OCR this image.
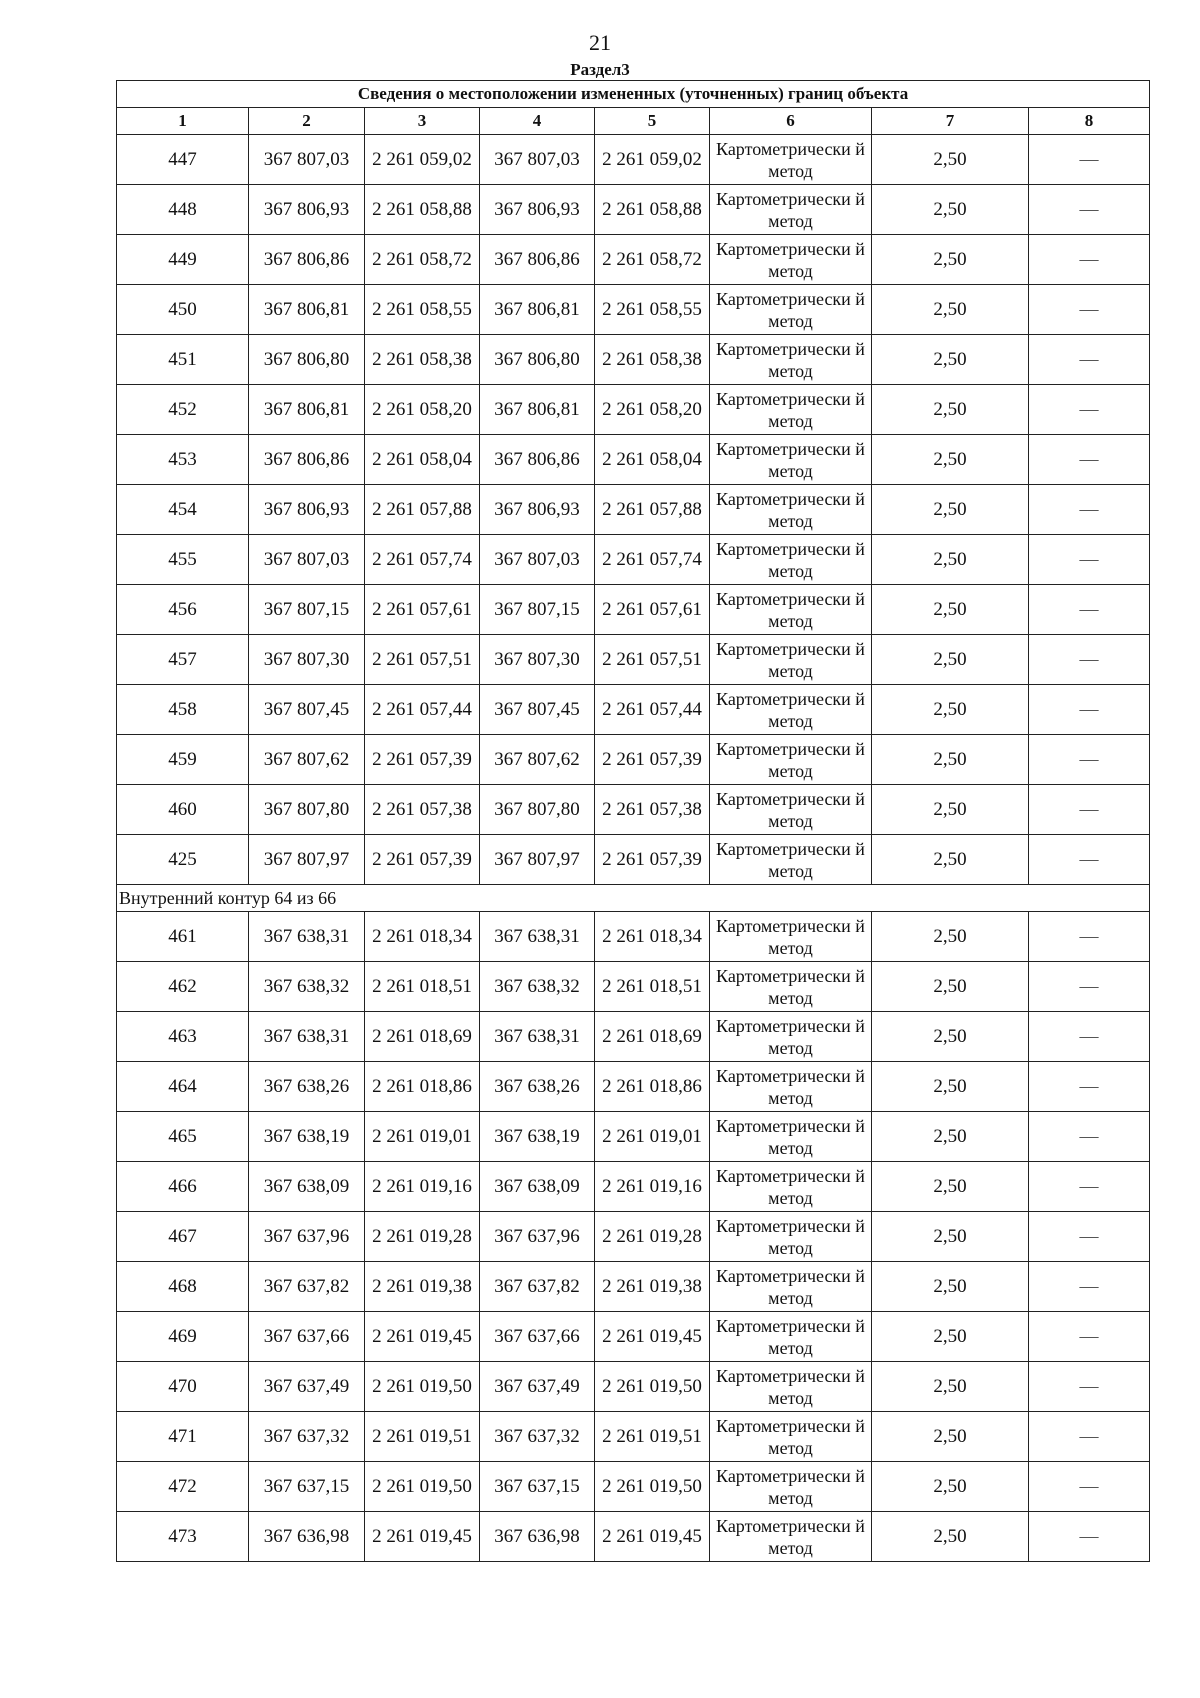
21
Раздел3
Сведения о местоположении измененных (уточненных) границ объекта							
1	2	3	4	5	6	7	8
447	367 807,03	2 261 059,02	367 807,03	2 261 059,02	Картометрически й метод	2,50	—
448	367 806,93	2 261 058,88	367 806,93	2 261 058,88	Картометрически й метод	2,50	—
449	367 806,86	2 261 058,72	367 806,86	2 261 058,72	Картометрически й метод	2,50	—
450	367 806,81	2 261 058,55	367 806,81	2 261 058,55	Картометрически й метод	2,50	—
451	367 806,80	2 261 058,38	367 806,80	2 261 058,38	Картометрически й метод	2,50	—
452	367 806,81	2 261 058,20	367 806,81	2 261 058,20	Картометрически й метод	2,50	—
453	367 806,86	2 261 058,04	367 806,86	2 261 058,04	Картометрически й метод	2,50	—
454	367 806,93	2 261 057,88	367 806,93	2 261 057,88	Картометрически й метод	2,50	—
455	367 807,03	2 261 057,74	367 807,03	2 261 057,74	Картометрически й метод	2,50	—
456	367 807,15	2 261 057,61	367 807,15	2 261 057,61	Картометрически й метод	2,50	—
457	367 807,30	2 261 057,51	367 807,30	2 261 057,51	Картометрически й метод	2,50	—
458	367 807,45	2 261 057,44	367 807,45	2 261 057,44	Картометрически й метод	2,50	—
459	367 807,62	2 261 057,39	367 807,62	2 261 057,39	Картометрически й метод	2,50	—
460	367 807,80	2 261 057,38	367 807,80	2 261 057,38	Картометрически й метод	2,50	—
425	367 807,97	2 261 057,39	367 807,97	2 261 057,39	Картометрически й метод	2,50	—
Внутренний контур 64 из 66							
461	367 638,31	2 261 018,34	367 638,31	2 261 018,34	Картометрически й метод	2,50	—
462	367 638,32	2 261 018,51	367 638,32	2 261 018,51	Картометрически й метод	2,50	—
463	367 638,31	2 261 018,69	367 638,31	2 261 018,69	Картометрически й метод	2,50	—
464	367 638,26	2 261 018,86	367 638,26	2 261 018,86	Картометрически й метод	2,50	—
465	367 638,19	2 261 019,01	367 638,19	2 261 019,01	Картометрически й метод	2,50	—
466	367 638,09	2 261 019,16	367 638,09	2 261 019,16	Картометрически й метод	2,50	—
467	367 637,96	2 261 019,28	367 637,96	2 261 019,28	Картометрически й метод	2,50	—
468	367 637,82	2 261 019,38	367 637,82	2 261 019,38	Картометрически й метод	2,50	—
469	367 637,66	2 261 019,45	367 637,66	2 261 019,45	Картометрически й метод	2,50	—
470	367 637,49	2 261 019,50	367 637,49	2 261 019,50	Картометрически й метод	2,50	—
471	367 637,32	2 261 019,51	367 637,32	2 261 019,51	Картометрически й метод	2,50	—
472	367 637,15	2 261 019,50	367 637,15	2 261 019,50	Картометрически й метод	2,50	—
473	367 636,98	2 261 019,45	367 636,98	2 261 019,45	Картометрически й метод	2,50	—
